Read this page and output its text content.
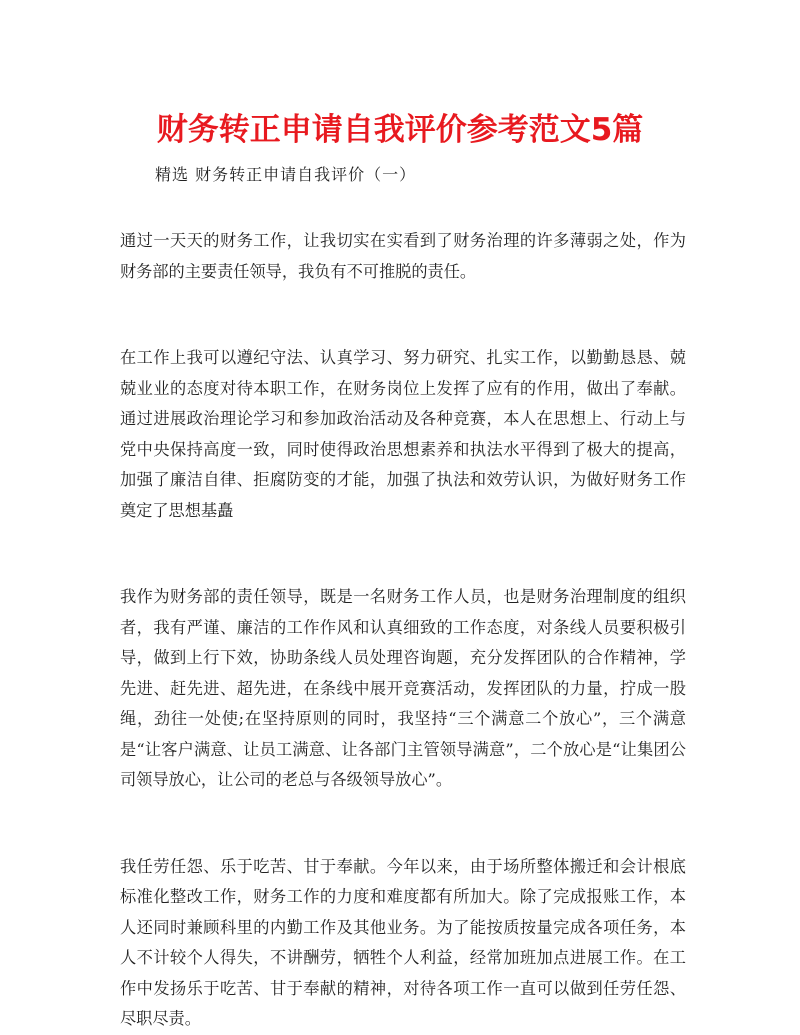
财务转正申请自我评价参考范文5篇
精选 财务转正申请自我评价（一）

通过一天天的财务工作，让我切实在实看到了财务治理的许多薄弱之处，作为财务部的主要责任领导，我负有不可推脱的责任。

在工作上我可以遵纪守法、认真学习、努力研究、扎实工作，以勤勤恳恳、兢兢业业的态度对待本职工作，在财务岗位上发挥了应有的作用，做出了奉献。通过进展政治理论学习和参加政治活动及各种竞赛，本人在思想上、行动上与党中央保持高度一致，同时使得政治思想素养和执法水平得到了极大的提高，加强了廉洁自律、拒腐防变的才能，加强了执法和效劳认识，为做好财务工作奠定了思想基矗

我作为财务部的责任领导，既是一名财务工作人员，也是财务治理制度的组织者，我有严谨、廉洁的工作作风和认真细致的工作态度，对条线人员要积极引导，做到上行下效，协助条线人员处理咨询题，充分发挥团队的合作精神，学先进、赶先进、超先进，在条线中展开竞赛活动，发挥团队的力量，拧成一股绳，劲往一处使;在坚持原则的同时，我坚持“三个满意二个放心”，三个满意是“让客户满意、让员工满意、让各部门主管领导满意”，二个放心是“让集团公司领导放心，让公司的老总与各级领导放心”。

我任劳任怨、乐于吃苦、甘于奉献。今年以来，由于场所整体搬迁和会计根底标准化整改工作，财务工作的力度和难度都有所加大。除了完成报账工作，本人还同时兼顾科里的内勤工作及其他业务。为了能按质按量完成各项任务，本人不计较个人得失，不讲酬劳，牺牲个人利益，经常加班加点进展工作。在工作中发扬乐于吃苦、甘于奉献的精神，对待各项工作一直可以做到任劳任怨、尽职尽责。
